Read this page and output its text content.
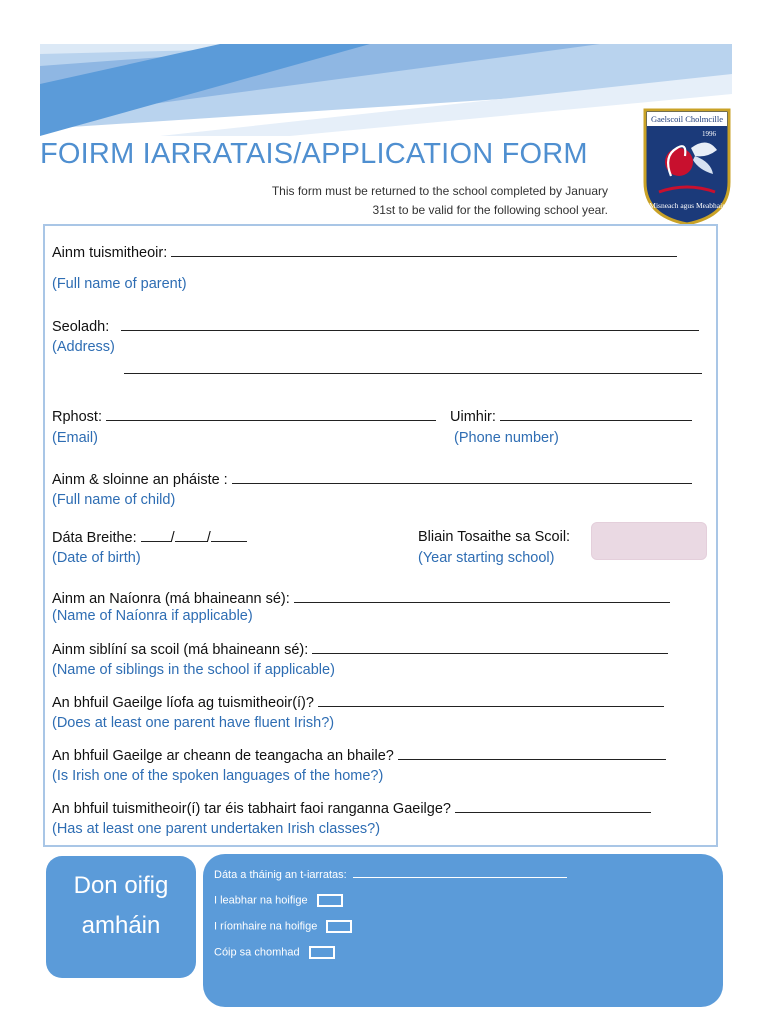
FOIRM IARRATAIS/APPLICATION FORM
This form must be returned to the school completed by January
31st to be valid for the following school year.
Gaelscoil Cholmcille
1996
Misneach agus Meabhair
Ainm tuismitheoir:
(Full name of parent)
Seoladh:
(Address)
Rphost:	Uimhir:
(Email)	(Phone number)
Ainm & sloinne an pháiste :
(Full name of child)
Dáta Breithe: / /
(Date of birth)
Bliain Tosaithe sa Scoil:
(Year starting school)
Ainm an Naíonra (má bhaineann sé):
(Name of Naíonra if applicable)
Ainm siblíní sa scoil (má bhaineann sé):
(Name of siblings in the school if applicable)
An bhfuil Gaeilge líofa ag tuismitheoir(í)?
(Does at least one parent have fluent Irish?)
An bhfuil Gaeilge ar cheann de teangacha an bhaile?
(Is Irish one of the spoken languages of the home?)
An bhfuil tuismitheoir(í) tar éis tabhairt faoi ranganna Gaeilge?
(Has at least one parent undertaken Irish classes?)
Don oifig
amháin
Dáta a tháinig an t-iarratas:
I leabhar na hoifige
I ríomhaire na hoifige
Cóip sa chomhad
